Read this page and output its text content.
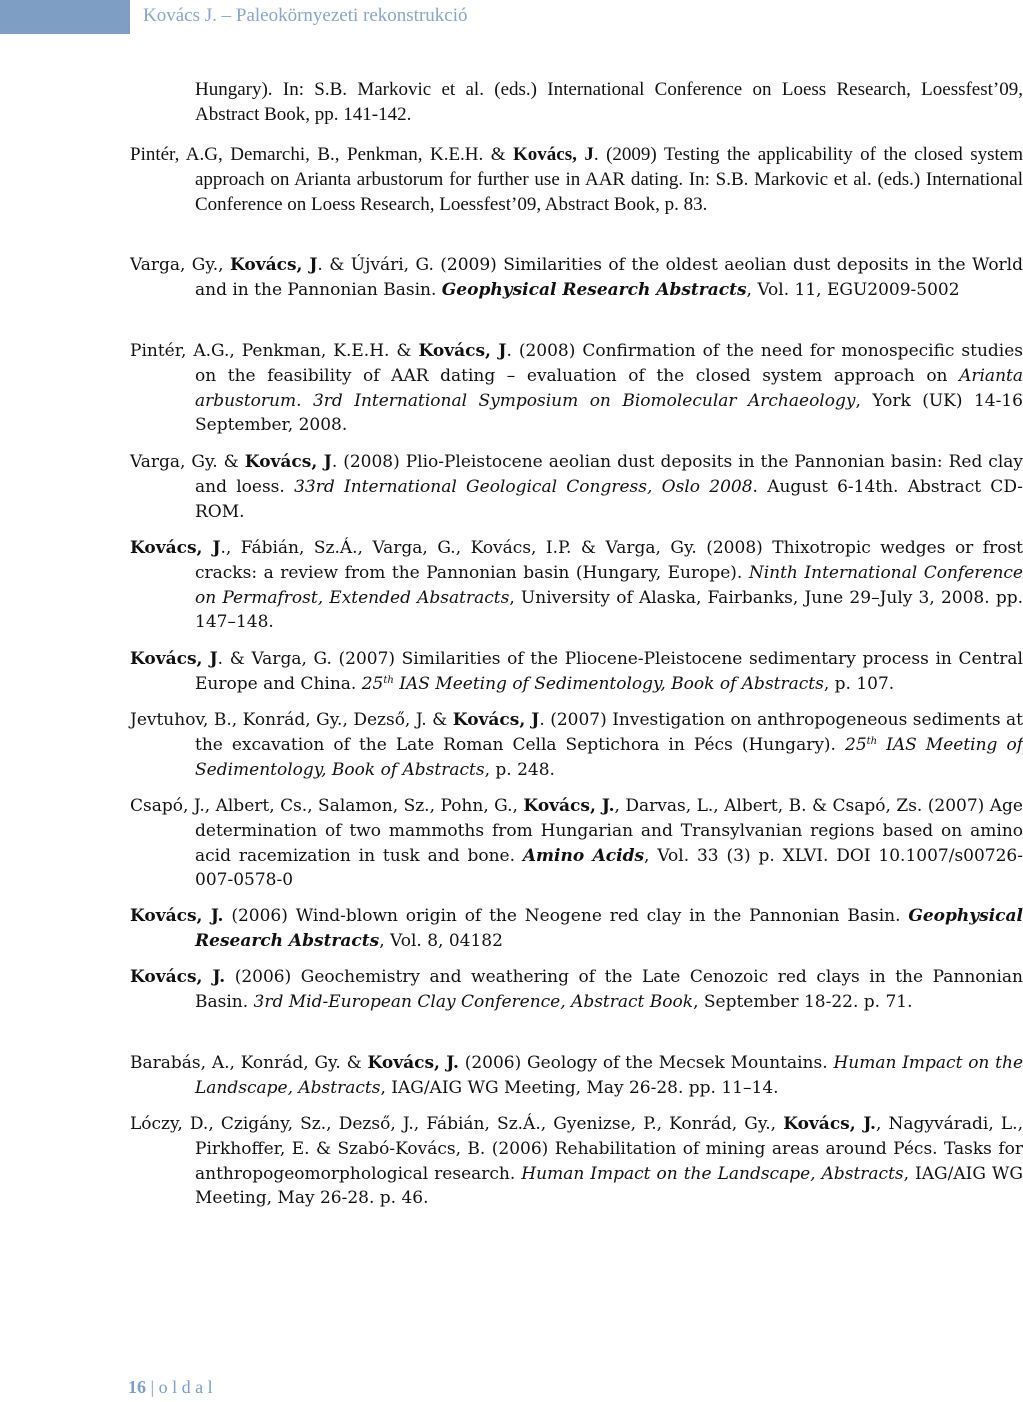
Kovács J. – Paleokörnyezeti rekonstrukció

Hungary). In: S.B. Markovic et al. (eds.) International Conference on Loess Research, Loessfest’09, Abstract Book, pp. 141-142.

Pintér, A.G, Demarchi, B., Penkman, K.E.H. & Kovács, J. (2009) Testing the applicability of the closed system approach on Arianta arbustorum for further use in AAR dating. In: S.B. Markovic et al. (eds.) International Conference on Loess Research, Loessfest’09, Abstract Book, p. 83.

Varga, Gy., Kovács, J. & Újvári, G. (2009) Similarities of the oldest aeolian dust deposits in the World and in the Pannonian Basin. Geophysical Research Abstracts, Vol. 11, EGU2009-5002

Pintér, A.G., Penkman, K.E.H. & Kovács, J. (2008) Confirmation of the need for monospecific studies on the feasibility of AAR dating – evaluation of the closed system approach on Arianta arbustorum. 3rd International Symposium on Biomolecular Archaeology, York (UK) 14-16 September, 2008.

Varga, Gy. & Kovács, J. (2008) Plio-Pleistocene aeolian dust deposits in the Pannonian basin: Red clay and loess. 33rd International Geological Congress, Oslo 2008. August 6-14th. Abstract CD-ROM.

Kovács, J., Fábián, Sz.Á., Varga, G., Kovács, I.P. & Varga, Gy. (2008) Thixotropic wedges or frost cracks: a review from the Pannonian basin (Hungary, Europe). Ninth International Conference on Permafrost, Extended Absatracts, University of Alaska, Fairbanks, June 29–July 3, 2008. pp. 147–148.

Kovács, J. & Varga, G. (2007) Similarities of the Pliocene-Pleistocene sedimentary process in Central Europe and China. 25th IAS Meeting of Sedimentology, Book of Abstracts, p. 107.

Jevtuhov, B., Konrád, Gy., Dezső, J. & Kovács, J. (2007) Investigation on anthropogeneous sediments at the excavation of the Late Roman Cella Septichora in Pécs (Hungary). 25th IAS Meeting of Sedimentology, Book of Abstracts, p. 248.

Csapó, J., Albert, Cs., Salamon, Sz., Pohn, G., Kovács, J., Darvas, L., Albert, B. & Csapó, Zs. (2007) Age determination of two mammoths from Hungarian and Transylvanian regions based on amino acid racemization in tusk and bone. Amino Acids, Vol. 33 (3) p. XLVI. DOI 10.1007/s00726-007-0578-0

Kovács, J. (2006) Wind-blown origin of the Neogene red clay in the Pannonian Basin. Geophysical Research Abstracts, Vol. 8, 04182

Kovács, J. (2006) Geochemistry and weathering of the Late Cenozoic red clays in the Pannonian Basin. 3rd Mid-European Clay Conference, Abstract Book, September 18-22. p. 71.

Barabás, A., Konrád, Gy. & Kovács, J. (2006) Geology of the Mecsek Mountains. Human Impact on the Landscape, Abstracts, IAG/AIG WG Meeting, May 26-28. pp. 11–14.

Lóczy, D., Czigány, Sz., Dezső, J., Fábián, Sz.Á., Gyenizse, P., Konrád, Gy., Kovács, J., Nagyváradi, L., Pirkhoffer, E. & Szabó-Kovács, B. (2006) Rehabilitation of mining areas around Pécs. Tasks for anthropogeomorphological research. Human Impact on the Landscape, Abstracts, IAG/AIG WG Meeting, May 26-28. p. 46.

16 | o l d a l
